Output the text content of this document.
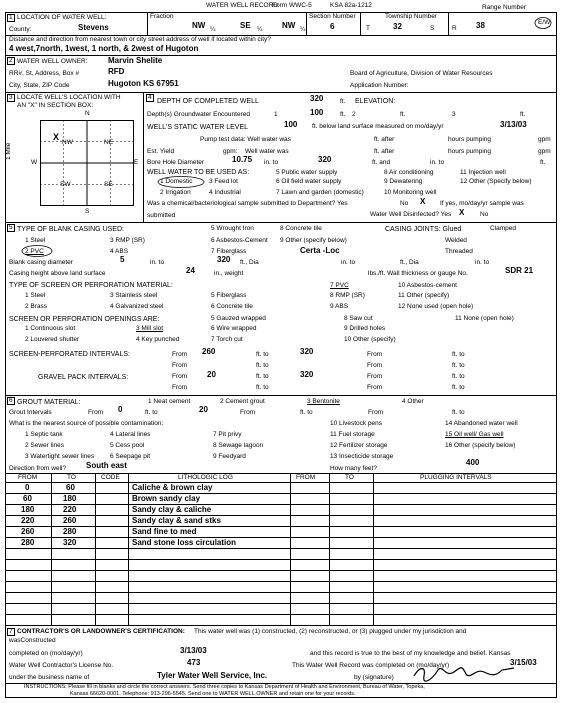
WATER WELL RECORD
Form WWC-5	KSA 82a-1212	Range Number
1 LOCATION OF WATER WELL:
County:	Stevens
Fraction
NW ¼	SE ¼ NW ¼
Section Number
6
Township Number
T	32	S	R 38	E/W
Distance and direction from nearest town or city street address of well if located within city?
4 west,7north, 1west, 1 north, & 2west of Hugoton
2 WATER WELL OWNER:	Marvin Shelite
RR#, St. Address, Box #	RFD
City, State, ZIP Code	Hugoton KS 67951
Board of Agriculture, Division of Water Resources
Application Number:
3 LOCATE WELL'S LOCATION WITH
AN "X" IN SECTION BOX:
N
S
W	E
1 Mile
NW	NE
SW	SE
X
4
DEPTH OF COMPLETED WELL	320	ft. ELEVATION:
Depth(s) Groundwater Encountered	1	100	ft. 2	ft.	3	ft.
WELL'S STATIC WATER LEVEL	100 ft. below land surface measured on mo/day/yr	3/13/03
Pump test data: Well water was	ft. after	hours pumping	gpm
Est. Yield	gpm: Well water was	ft. after	hours pumping	gpm
Bore Hole Diameter	10.75 in. to	320	ft. and	in. to	ft.
WELL WATER TO BE USED AS:
1 Domestic	3 Feed lot
5 Public water supply	8 Air conditioning	11 Injection well
2 Irrigation	4 Industrial	7 Lawn and garden (domestic)	10 Monitoring well
6 Oil field water supply	9 Dewatering	12 Other (Specify below)
Was a chemical/bacteriological sample submitted to Department? Yes	No X If yes, mo/day/yr sample was
submitted	Water Well Disinfected? Yes X No
5 TYPE OF BLANK CASING USED:	5 Wrought Iron	8 Concrete tile	CASING JOINTS: Glued	Clamped
1 Steel	3 RMP (SR)	6 Asbestos-Cement 9 Other (specify below)	Welded
2 PVC	4 ABS	7 Fiberglass	Threaded
Certa -Loc
Blank casing diameter	5	in. to	320 ft., Dia	in. to	ft., Dia	in. to
Casing height above land surface	24	in., weight	lbs./ft. Wall thickness or gauge No.	SDR 21
TYPE OF SCREEN OR PERFORATION MATERIAL:	7 PVC	10 Asbestos-cement
1 Steel	3 Stainless steel	5 Fiberglass	8 RMP (SR)	11 Other (specify)
2 Brass	4 Galvanized steel	6 Concrete tile	9 ABS	12 None used (open hole)
SCREEN OR PERFORATION OPENINGS ARE:	5 Gauzed wrapped	8 Saw cut	11 None (open hole)
1 Continuous slot	3 Mill slot	6 Wire wrapped	9 Drilled holes
2 Louvered shutter	4 Key punched	7 Torch cut	10 Other (specify)
SCREEN-PERFORATED INTERVALS:	From 260	ft. to	320	From	ft. to
From	ft. to	From	ft. to
GRAVEL PACK INTERVALS:	From 20	ft. to	320	From	ft. to
From	ft. to	From	ft. to
6 GROUT MATERIAL:	1 Neat cement	2 Cement grout	3 Bentonite	4 Other
Grout Intervals	From 0	ft. to	20	From	ft. to	From	ft. to
What is the nearest source of possible contamination:
1 Septic tank	4 Lateral lines	7 Pit privy
10 Livestock pens	14 Abandoned water well
2 Sewer lines	5 Cess pool	8 Sewage lagoon
11 Fuel storage	15 Oil well/ Gas well
3 Watertight sewer lines 6 Seepage pit	9 Feedyard
12 Fertilizer storage	16 Other (specify below)
13 Insecticide storage
Direction from well? South east	How many feet?
400
FROM	TO	CODE	LITHOLOGIC LOG	FROM	TO	PLUGGING INTERVALS
0	60	Caliche & brown clay
60	180	Brown sandy clay
180	220	Sandy clay & caliche
220	260	Sandy clay & sand stks
260	280	Sand fine to med
280	320	Sand stone loss circulation
7 CONTRACTOR'S OR LANDOWNER'S CERTIFICATION: This water well was (1) constructed, (2) reconstructed, or (3) plugged under my jurisdiction and
wasConstructed
completed on (mo/day/yr)	3/13/03	and this record is true to the best of my knowledge and belief. Kansas
Water Well Contractor's License No.	473	This Water Well Record was completed on (mo/day/yr)	3/15/03
under the business name of	Tyler Water Well Service, Inc.	by (signature)
INSTRUCTIONS: Please fill in blanks and circle the correct answers. Send three copies to Kansas Department of Health and Environment, Bureau of Water, Topeka,
Kansas 66620-0001. Telephone: 913-296-5545. Send one to WATER WELL OWNER and retain one for your records.
